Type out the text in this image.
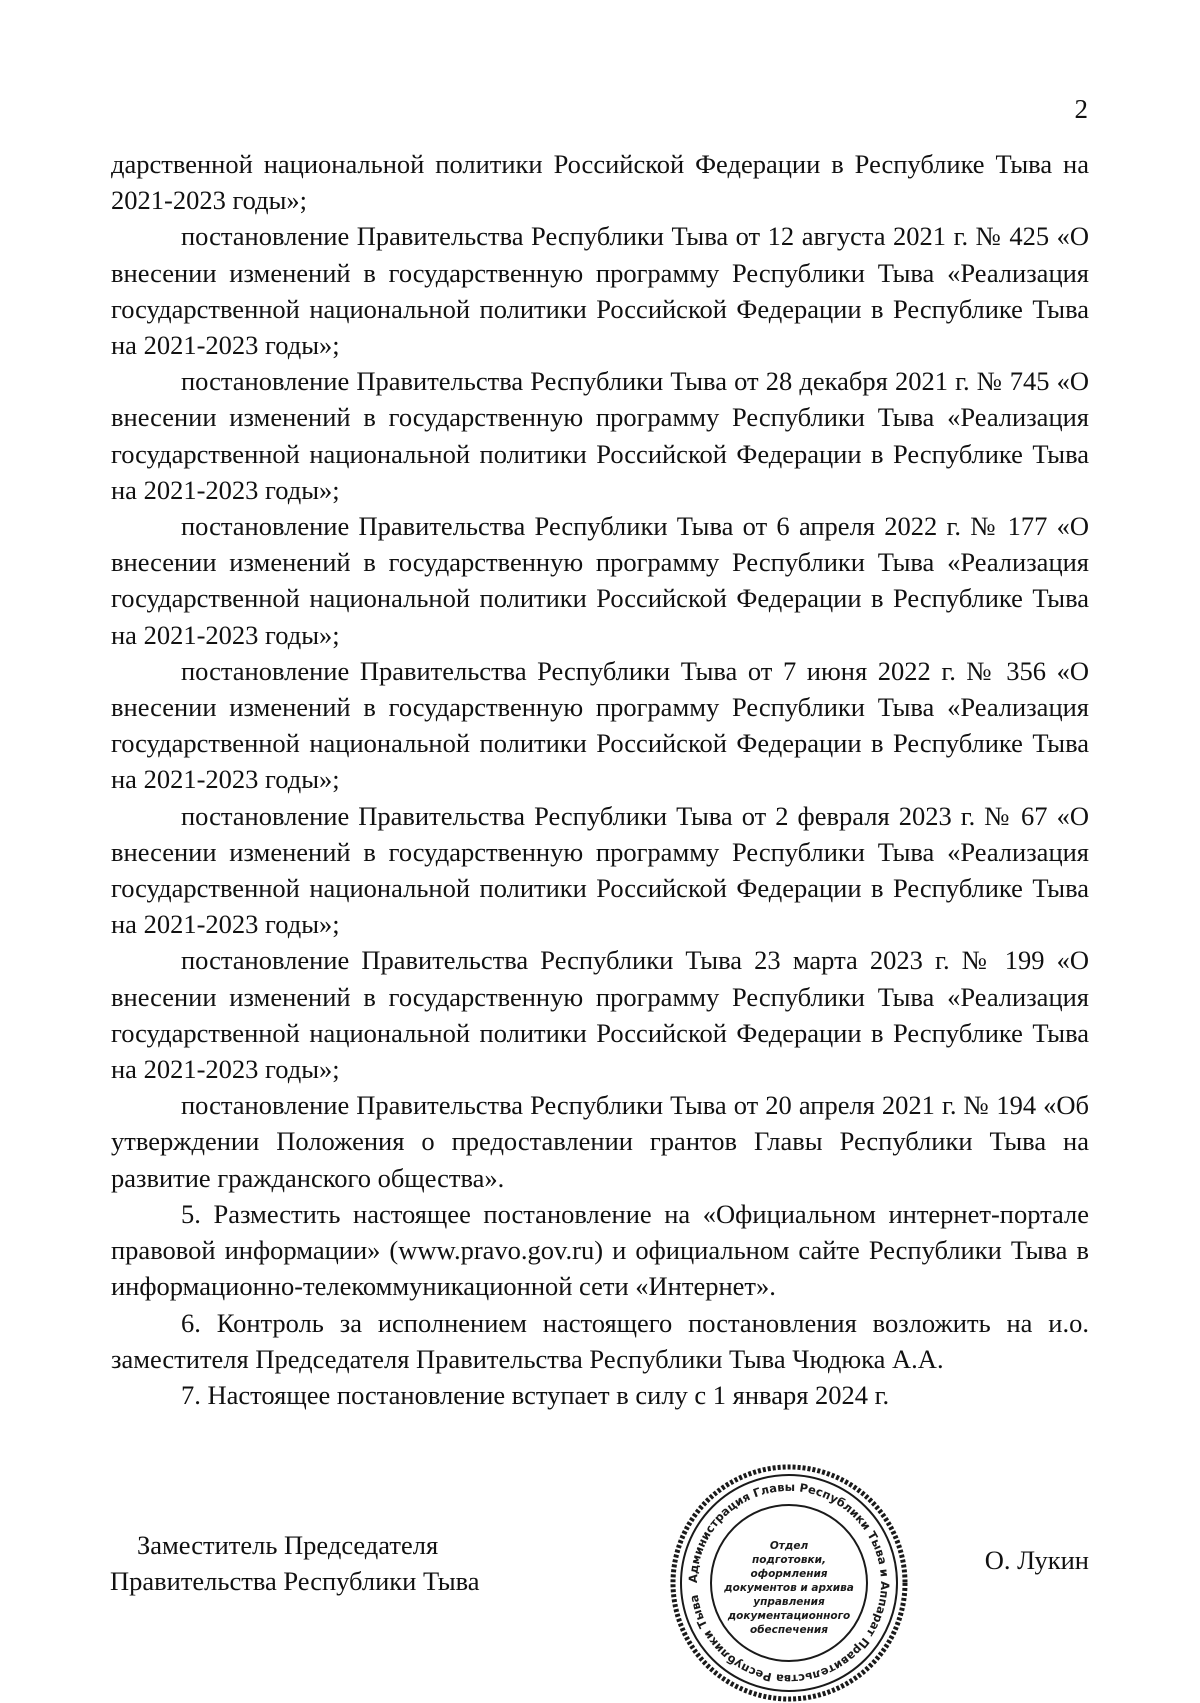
2

дарственной национальной политики Российской Федерации в Республике Тыва на 2021-2023 годы»;

постановление Правительства Республики Тыва от 12 августа 2021 г. № 425 «О внесении изменений в государственную программу Республики Тыва «Реализация государственной национальной политики Российской Федерации в Республике Тыва на 2021-2023 годы»;

постановление Правительства Республики Тыва от 28 декабря 2021 г. № 745 «О внесении изменений в государственную программу Республики Тыва «Реализация государственной национальной политики Российской Федерации в Республике Тыва на 2021-2023 годы»;

постановление Правительства Республики Тыва от 6 апреля 2022 г. № 177 «О внесении изменений в государственную программу Республики Тыва «Реализация государственной национальной политики Российской Федерации в Республике Тыва на 2021-2023 годы»;

постановление Правительства Республики Тыва от 7 июня 2022 г. № 356 «О внесении изменений в государственную программу Республики Тыва «Реализация государственной национальной политики Российской Федерации в Республике Тыва на 2021-2023 годы»;

постановление Правительства Республики Тыва от 2 февраля 2023 г. № 67 «О внесении изменений в государственную программу Республики Тыва «Реализация государственной национальной политики Российской Федерации в Республике Тыва на 2021-2023 годы»;

постановление Правительства Республики Тыва 23 марта 2023 г. № 199 «О внесении изменений в государственную программу Республики Тыва «Реализация государственной национальной политики Российской Федерации в Республике Тыва на 2021-2023 годы»;

постановление Правительства Республики Тыва от 20 апреля 2021 г. № 194 «Об утверждении Положения о предоставлении грантов Главы Республики Тыва на развитие гражданского общества».

5. Разместить настоящее постановление на «Официальном интернет-портале правовой информации» (www.pravo.gov.ru) и официальном сайте Республики Тыва в информационно-телекоммуникационной сети «Интернет».

6. Контроль за исполнением настоящего постановления возложить на и.о. заместителя Председателя Правительства Республики Тыва Чюдюка А.А.

7. Настоящее постановление вступает в силу с 1 января 2024 г.

Заместитель Председателя
Правительства Республики Тыва
О. Лукин
Администрация Главы Республики Тыва и Аппарат Правительства Республики Тыва
Отдел
подготовки,
оформления
документов и архива
управления
документационного
обеспечения
